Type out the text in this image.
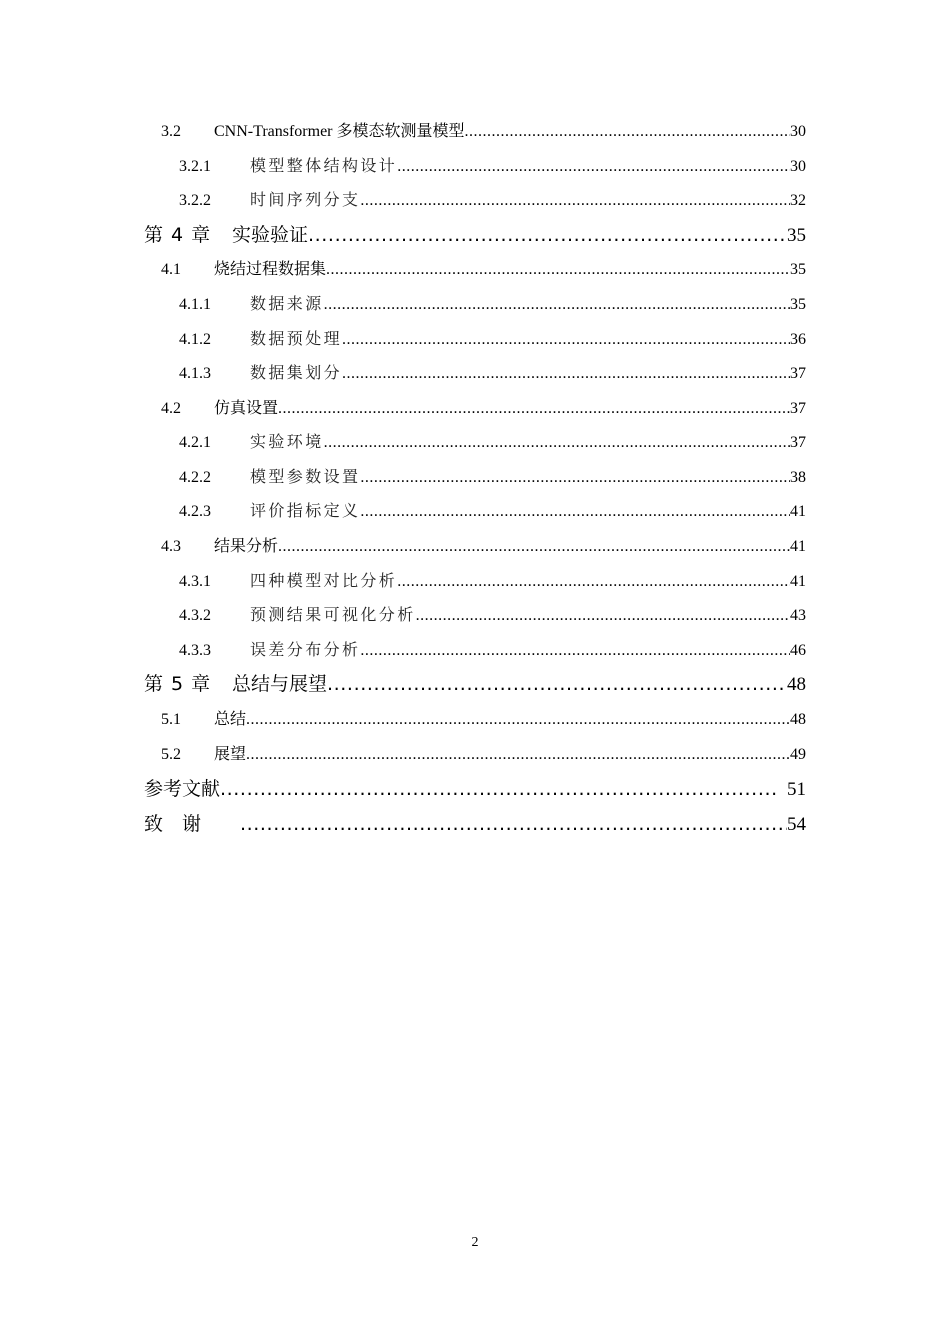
3.2	CNN-Transformer 多模态软测量模型 .....	30
3.2.1	模型整体结构设计 .....	30
3.2.2	时间序列分支 .....	32
第 4 章	实验验证 .....	35
4.1	烧结过程数据集 .....	35
4.1.1	数据来源 .....	35
4.1.2	数据预处理 .....	36
4.1.3	数据集划分 .....	37
4.2	仿真设置 .....	37
4.2.1	实验环境 .....	37
4.2.2	模型参数设置 .....	38
4.2.3	评价指标定义 .....	41
4.3	结果分析 .....	41
4.3.1	四种模型对比分析 .....	41
4.3.2	预测结果可视化分析 .....	43
4.3.3	误差分布分析 .....	46
第 5 章	总结与展望 .....	48
5.1	总结 .....	48
5.2	展望 .....	49
参考文献 .....	51
致　谢 .....	54
2
